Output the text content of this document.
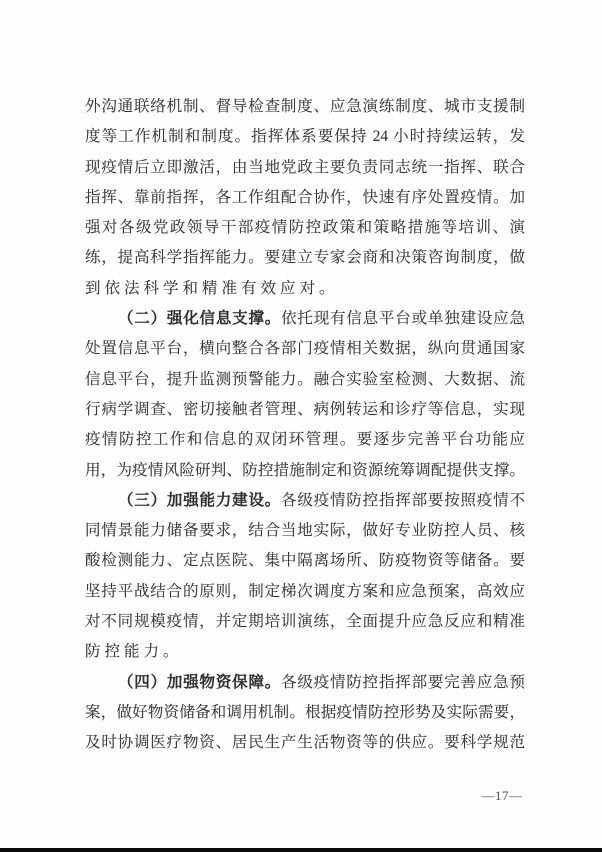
外沟通联络机制、督导检查制度、应急演练制度、城市支援制
度等工作机制和制度。指挥体系要保持 24 小时持续运转，发
现疫情后立即激活，由当地党政主要负责同志统一指挥、联合
指挥、靠前指挥，各工作组配合协作，快速有序处置疫情。加
强对各级党政领导干部疫情防控政策和策略措施等培训、演
练，提高科学指挥能力。要建立专家会商和决策咨询制度，做
到依法科学和精准有效应对。
（二）强化信息支撑。依托现有信息平台或单独建设应急
处置信息平台，横向整合各部门疫情相关数据，纵向贯通国家
信息平台，提升监测预警能力。融合实验室检测、大数据、流
行病学调查、密切接触者管理、病例转运和诊疗等信息，实现
疫情防控工作和信息的双闭环管理。要逐步完善平台功能应
用，为疫情风险研判、防控措施制定和资源统筹调配提供支撑。
（三）加强能力建设。各级疫情防控指挥部要按照疫情不
同情景能力储备要求，结合当地实际，做好专业防控人员、核
酸检测能力、定点医院、集中隔离场所、防疫物资等储备。要
坚持平战结合的原则，制定梯次调度方案和应急预案，高效应
对不同规模疫情，并定期培训演练，全面提升应急反应和精准
防控能力。
（四）加强物资保障。各级疫情防控指挥部要完善应急预
案，做好物资储备和调用机制。根据疫情防控形势及实际需要，
及时协调医疗物资、居民生产生活物资等的供应。要科学规范
—17—
